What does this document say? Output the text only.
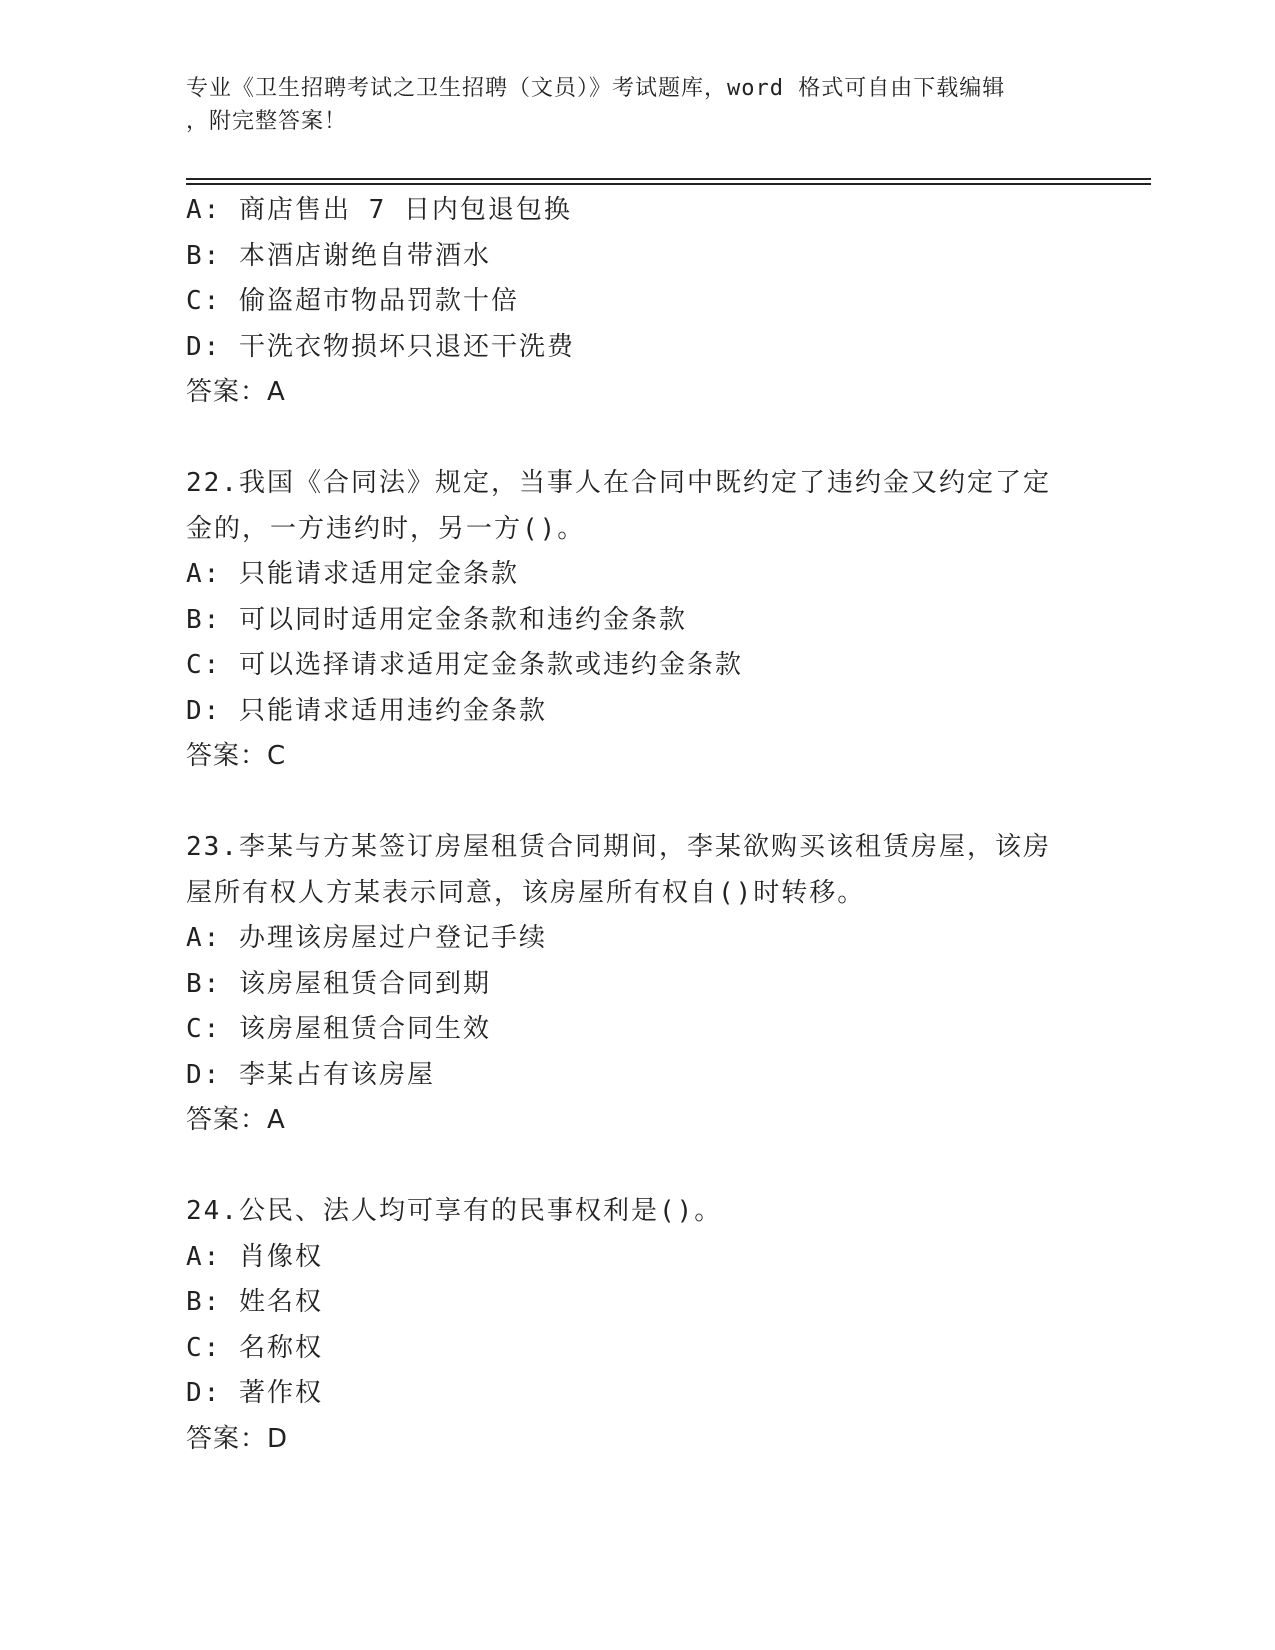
专业《卫生招聘考试之卫生招聘（文员）》考试题库，word 格式可自由下载编辑
，附完整答案！
A: 商店售出 7 日内包退包换
B: 本酒店谢绝自带酒水
C: 偷盗超市物品罚款十倍
D: 干洗衣物损坏只退还干洗费
答案：A
22.我国《合同法》规定，当事人在合同中既约定了违约金又约定了定
金的，一方违约时，另一方()。
A: 只能请求适用定金条款
B: 可以同时适用定金条款和违约金条款
C: 可以选择请求适用定金条款或违约金条款
D: 只能请求适用违约金条款
答案：C
23.李某与方某签订房屋租赁合同期间，李某欲购买该租赁房屋，该房
屋所有权人方某表示同意，该房屋所有权自()时转移。
A: 办理该房屋过户登记手续
B: 该房屋租赁合同到期
C: 该房屋租赁合同生效
D: 李某占有该房屋
答案：A
24.公民、法人均可享有的民事权利是()。
A: 肖像权
B: 姓名权
C: 名称权
D: 著作权
答案：D
